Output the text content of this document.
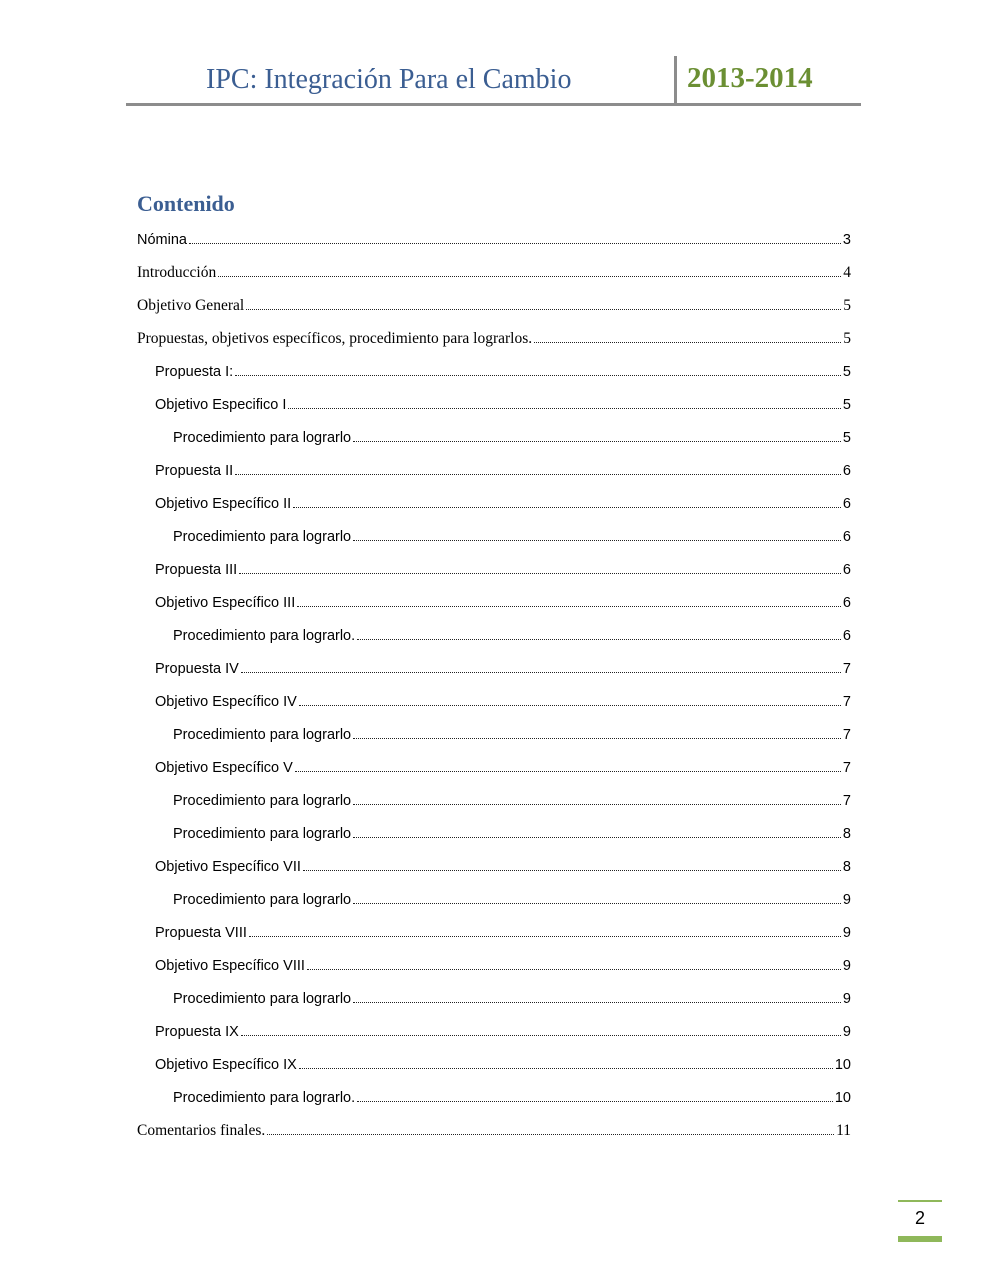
IPC: Integración Para el Cambio	2013-2014
Contenido
Nómina	3
Introducción	4
Objetivo General	5
Propuestas, objetivos específicos, procedimiento para lograrlos.	5
Propuesta I:	5
Objetivo Especifico I	5
Procedimiento para lograrlo	5
Propuesta II	6
Objetivo Específico II	6
Procedimiento para lograrlo	6
Propuesta III	6
Objetivo Específico III	6
Procedimiento para lograrlo.	6
Propuesta IV	7
Objetivo Específico IV	7
Procedimiento para lograrlo	7
Objetivo Específico V	7
Procedimiento para lograrlo	7
Procedimiento para lograrlo	8
Objetivo Específico VII	8
Procedimiento para lograrlo	9
Propuesta VIII	9
Objetivo Específico VIII	9
Procedimiento para lograrlo	9
Propuesta IX	9
Objetivo Específico IX	10
Procedimiento para lograrlo.	10
Comentarios finales.	11
2
